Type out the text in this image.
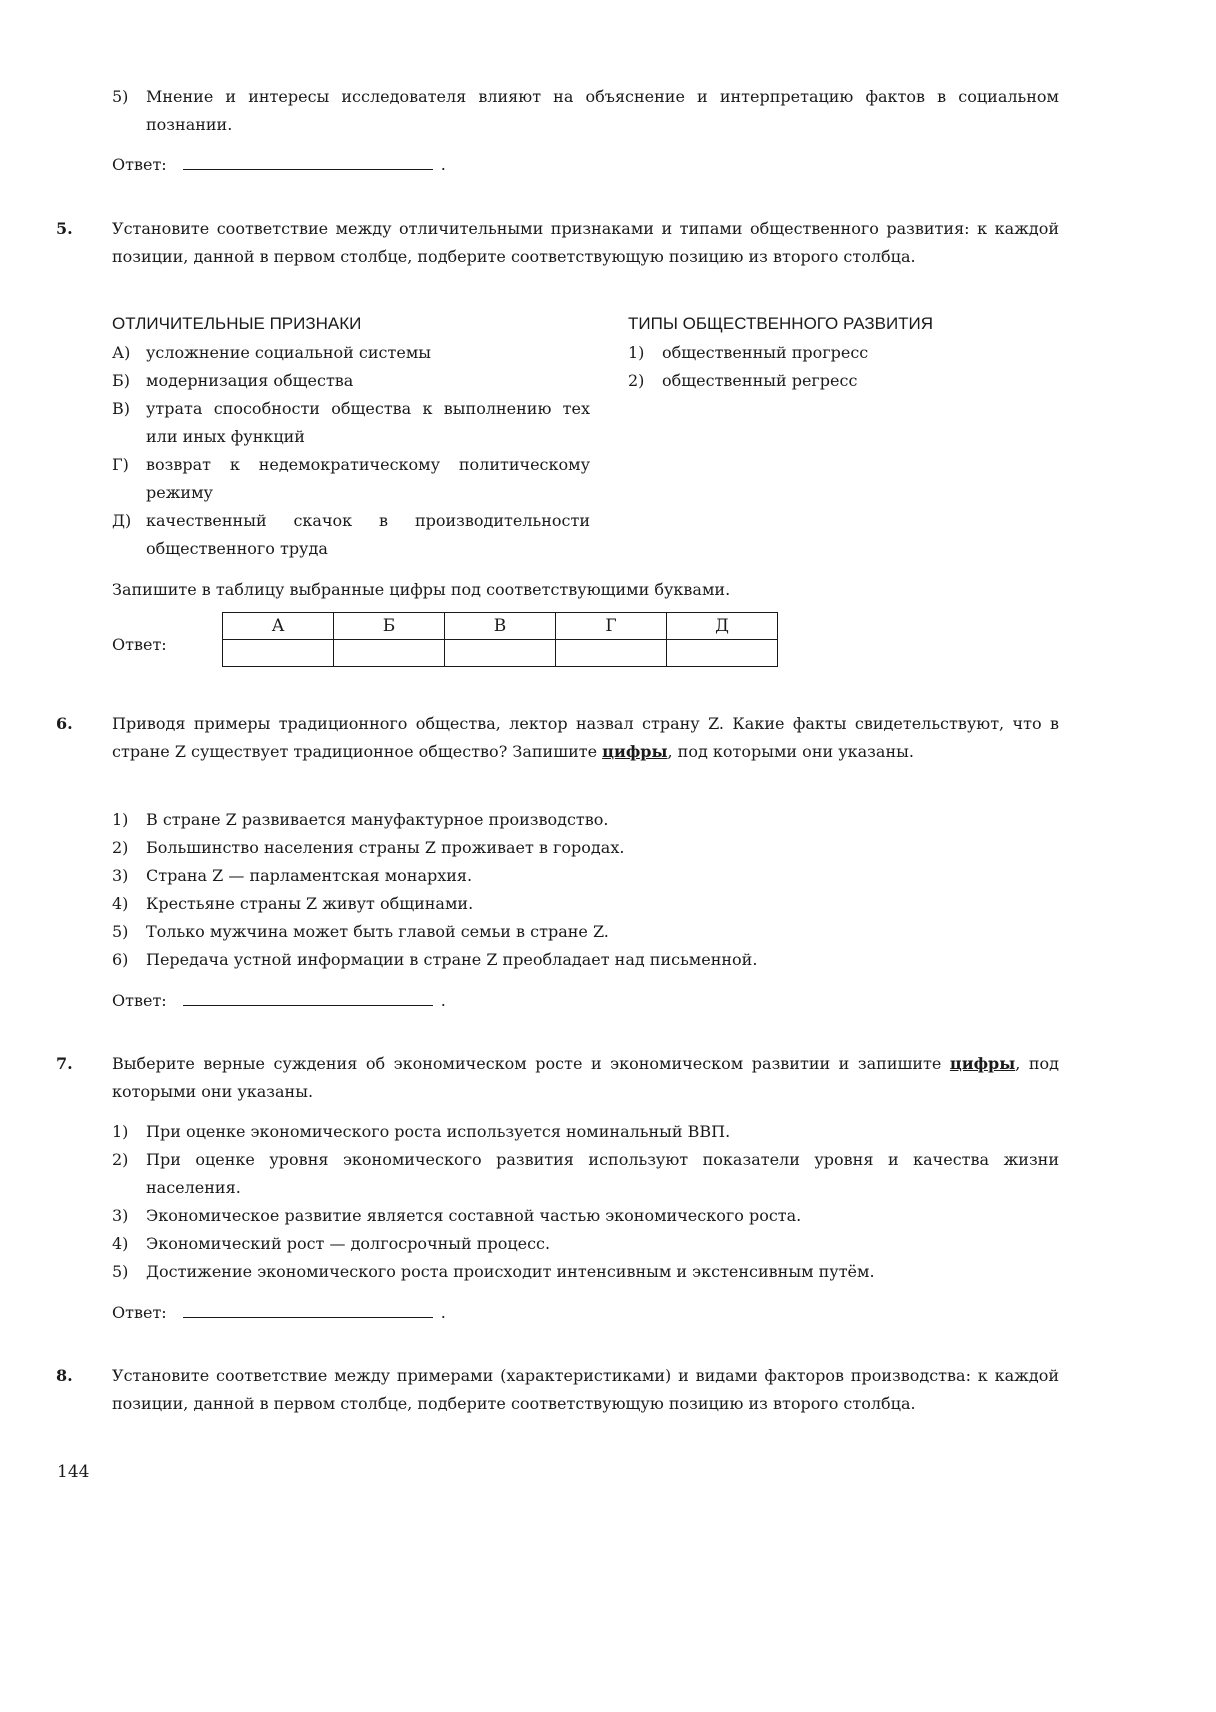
5) Мнение и интересы исследователя влияют на объяснение и интерпретацию фактов в социальном познании.
Ответ:	.
5. Установите соответствие между отличительными признаками и типами общественного развития: к каждой позиции, данной в первом столбце, подберите соответствующую позицию из второго столбца.
ОТЛИЧИТЕЛЬНЫЕ ПРИЗНАКИ	ТИПЫ ОБЩЕСТВЕННОГО РАЗВИТИЯ
А) усложнение социальной системы
Б) модернизация общества
В) утрата способности общества к выполнению тех или иных функций
Г) возврат к недемократическому политическому режиму
Д) качественный скачок в производительности общественного труда
1) общественный прогресс
2) общественный регресс
Запишите в таблицу выбранные цифры под соответствующими буквами.
Ответ:
А	Б	В	Г	Д

6. Приводя примеры традиционного общества, лектор назвал страну Z. Какие факты свидетельствуют, что в стране Z существует традиционное общество? Запишите цифры, под которыми они указаны.
1) В стране Z развивается мануфактурное производство.
2) Большинство населения страны Z проживает в городах.
3) Страна Z — парламентская монархия.
4) Крестьяне страны Z живут общинами.
5) Только мужчина может быть главой семьи в стране Z.
6) Передача устной информации в стране Z преобладает над письменной.
Ответ:	.
7. Выберите верные суждения об экономическом росте и экономическом развитии и запишите цифры, под которыми они указаны.
1) При оценке экономического роста используется номинальный ВВП.
2) При оценке уровня экономического развития используют показатели уровня и качества жизни населения.
3) Экономическое развитие является составной частью экономического роста.
4) Экономический рост — долгосрочный процесс.
5) Достижение экономического роста происходит интенсивным и экстенсивным путём.
Ответ:	.
8. Установите соответствие между примерами (характеристиками) и видами факторов производства: к каждой позиции, данной в первом столбце, подберите соответствующую позицию из второго столбца.
144
